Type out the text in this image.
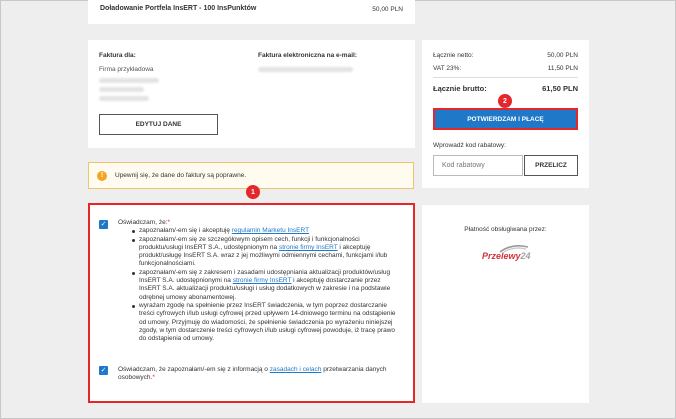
Doładowanie Portfela InsERT - 100 InsPunktów	50,00 PLN
Faktura dla:
Firma przykładowa
Faktura elektroniczna na e-mail:
EDYTUJ DANE
!	Upewnij się, że dane do faktury są poprawne.
1
✓ Oświadczam, że:*
zapoznałam/-em się i akceptuję regulamin Marketu InsERT
zapoznałam/-em się ze szczegółowym opisem cech, funkcji i funkcjonalności produktu/usługi InsERT S.A., udostępnionym na stronie firmy InsERT i akceptuję produkt/usługę InsERT S.A. wraz z jej możliwymi odmiennymi cechami, funkcjami i/lub funkcjonalnościami.
zapoznałam/-em się z zakresem i zasadami udostępniania aktualizacji produktów/usług InsERT S.A. udostępnionymi na stronie firmy InsERT i akceptuję dostarczanie przez InsERT S.A. aktualizacji produktu/usługi i usług dodatkowych w zakresie i na podstawie odrębnej umowy abonamentowej.
wyrażam zgodę na spełnienie przez InsERT świadczenia, w tym poprzez dostarczanie treści cyfrowych i/lub usługi cyfrowej przed upływem 14-dniowego terminu na odstąpienie od umowy. Przyjmuję do wiadomości, że spełnienie świadczenia po wyrażeniu niniejszej zgody, w tym dostarczenie treści cyfrowych i/lub usługi cyfrowej powoduje, iż tracę prawo do odstąpienia od umowy.
✓ Oświadczam, że zapoznałam/-em się z informacją o zasadach i celach przetwarzania danych osobowych.*
Łącznie netto:	50,00 PLN
VAT 23%:	11,50 PLN
Łącznie brutto:	61,50 PLN
2
POTWIERDZAM I PŁACĘ
Wprowadź kod rabatowy:
Kod rabatowy	PRZELICZ
Płatność obsługiwana przez:
Przelewy24
